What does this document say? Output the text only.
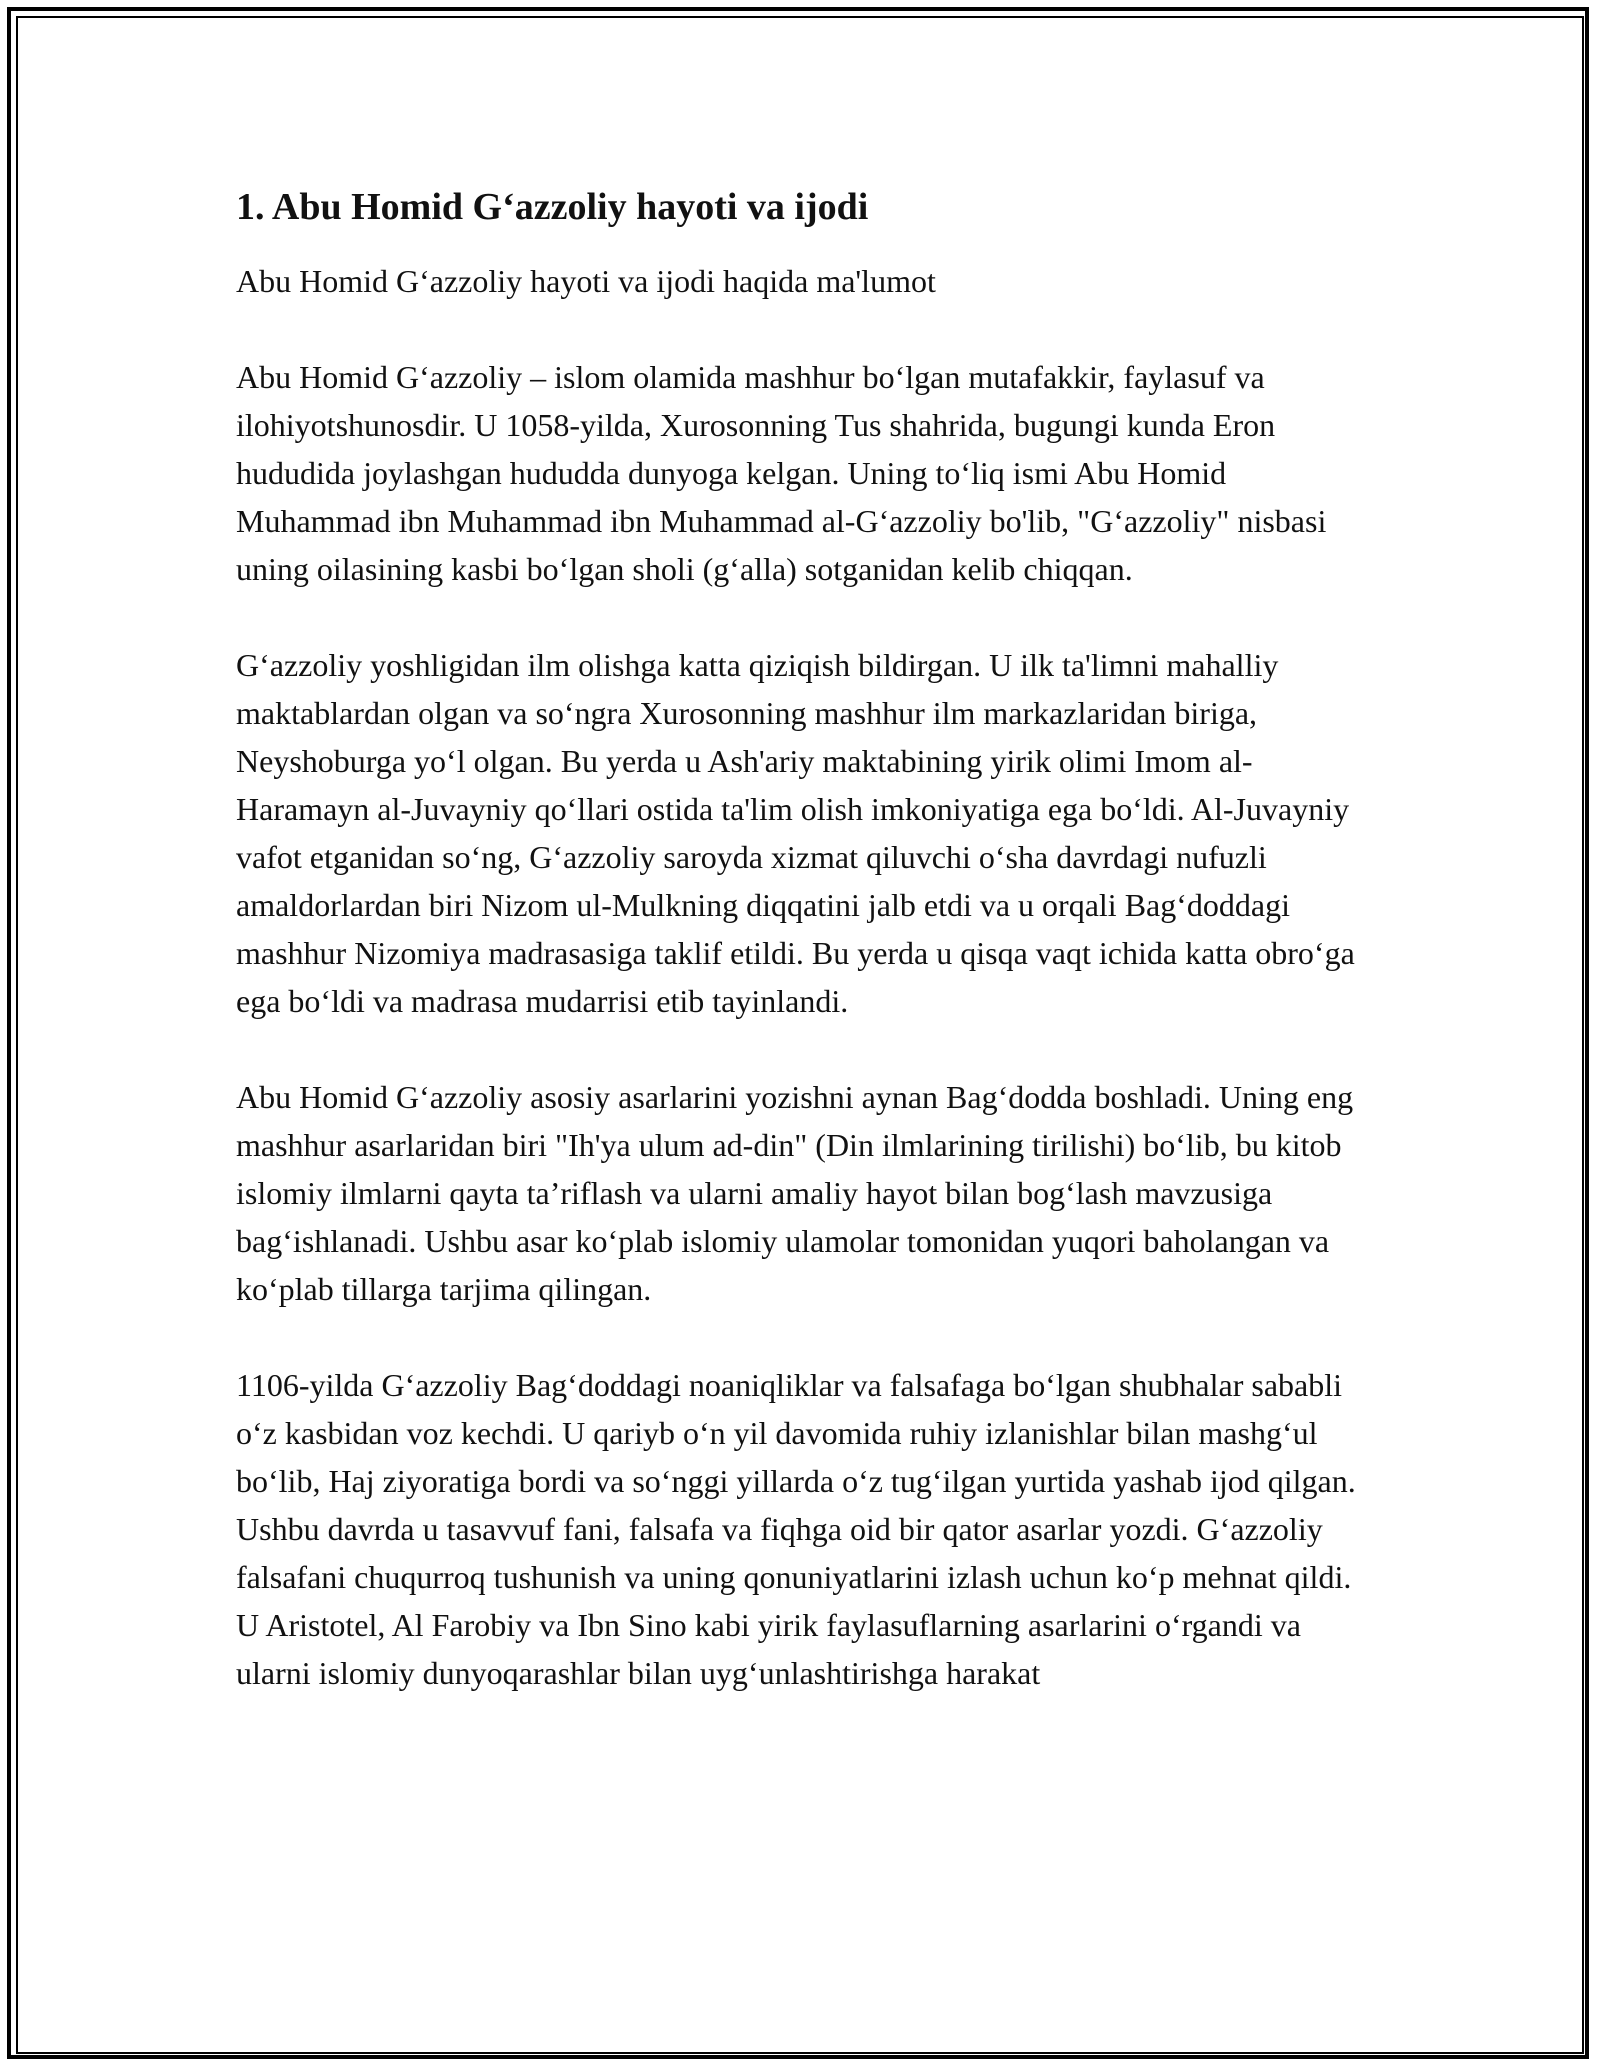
1. Abu Homid G‘azzoliy hayoti va ijodi

Abu Homid G‘azzoliy hayoti va ijodi haqida ma'lumot

Abu Homid G‘azzoliy – islom olamida mashhur bo‘lgan mutafakkir, faylasuf va ilohiyotshunosdir. U 1058-yilda, Xurosonning Tus shahrida, bugungi kunda Eron hududida joylashgan hududda dunyoga kelgan. Uning to‘liq ismi Abu Homid Muhammad ibn Muhammad ibn Muhammad al-G‘azzoliy bo'lib, "G‘azzoliy" nisbasi uning oilasining kasbi bo‘lgan sholi (g‘alla) sotganidan kelib chiqqan.

G‘azzoliy yoshligidan ilm olishga katta qiziqish bildirgan. U ilk ta'limni mahalliy maktablardan olgan va so‘ngra Xurosonning mashhur ilm markazlaridan biriga, Neyshoburga yo‘l olgan. Bu yerda u Ash'ariy maktabining yirik olimi Imom al-Haramayn al-Juvayniy qo‘llari ostida ta'lim olish imkoniyatiga ega bo‘ldi. Al-Juvayniy vafot etganidan so‘ng, G‘azzoliy saroyda xizmat qiluvchi o‘sha davrdagi nufuzli amaldorlardan biri Nizom ul-Mulkning diqqatini jalb etdi va u orqali Bag‘doddagi mashhur Nizomiya madrasasiga taklif etildi. Bu yerda u qisqa vaqt ichida katta obro‘ga ega bo‘ldi va madrasa mudarrisi etib tayinlandi.

Abu Homid G‘azzoliy asosiy asarlarini yozishni aynan Bag‘dodda boshladi. Uning eng mashhur asarlaridan biri "Ih'ya ulum ad-din" (Din ilmlarining tirilishi) bo‘lib, bu kitob islomiy ilmlarni qayta ta’riflash va ularni amaliy hayot bilan bog‘lash mavzusiga bag‘ishlanadi. Ushbu asar ko‘plab islomiy ulamolar tomonidan yuqori baholangan va ko‘plab tillarga tarjima qilingan.

1106-yilda G‘azzoliy Bag‘doddagi noaniqliklar va falsafaga bo‘lgan shubhalar sababli o‘z kasbidan voz kechdi. U qariyb o‘n yil davomida ruhiy izlanishlar bilan mashg‘ul bo‘lib, Haj ziyoratiga bordi va so‘nggi yillarda o‘z tug‘ilgan yurtida yashab ijod qilgan. Ushbu davrda u tasavvuf fani, falsafa va fiqhga oid bir qator asarlar yozdi. G‘azzoliy falsafani chuqurroq tushunish va uning qonuniyatlarini izlash uchun ko‘p mehnat qildi. U Aristotel, Al Farobiy va Ibn Sino kabi yirik faylasuflarning asarlarini o‘rgandi va ularni islomiy dunyoqarashlar bilan uyg‘unlashtirishga harakat
